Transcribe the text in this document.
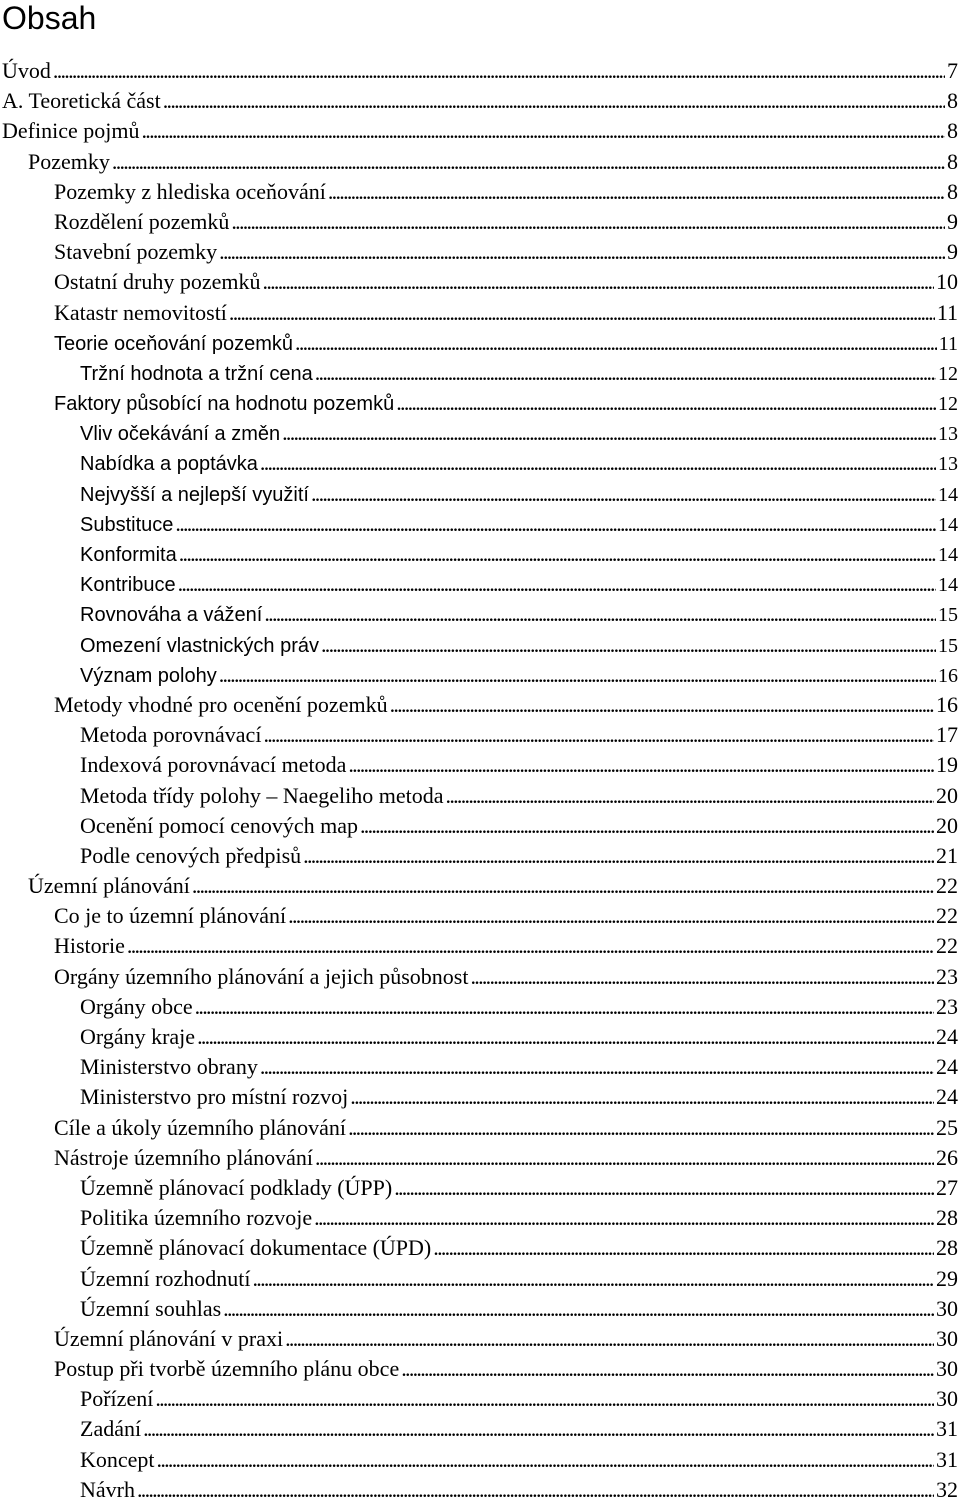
Obsah
Úvod . . .	7
A. Teoretická část . . .	8
Definice pojmů . . .	8
Pozemky . . .	8
Pozemky z hlediska oceňování . . .	8
Rozdělení pozemků . . .	9
Stavební pozemky . . .	9
Ostatní druhy pozemků . . .	10
Katastr nemovitostí . . .	11
Teorie oceňování pozemků . . .	11
Tržní hodnota a tržní cena . . .	12
Faktory působící na hodnotu pozemků . . .	12
Vliv očekávání a změn . . .	13
Nabídka a poptávka . . .	13
Nejvyšší a nejlepší využití . . .	14
Substituce . . .	14
Konformita . . .	14
Kontribuce . . .	14
Rovnováha a vážení . . .	15
Omezení vlastnických práv . . .	15
Význam polohy . . .	16
Metody vhodné pro ocenění pozemků . . .	16
Metoda porovnávací . . .	17
Indexová porovnávací metoda . . .	19
Metoda třídy polohy – Naegeliho metoda . . .	20
Ocenění pomocí cenových map . . .	20
Podle cenových předpisů . . .	21
Územní plánování . . .	22
Co je to územní plánování . . .	22
Historie . . .	22
Orgány územního plánování a jejich působnost . . .	23
Orgány obce . . .	23
Orgány kraje . . .	24
Ministerstvo obrany . . .	24
Ministerstvo pro místní rozvoj . . .	24
Cíle a úkoly územního plánování . . .	25
Nástroje územního plánování . . .	26
Územně plánovací podklady (ÚPP) . . .	27
Politika územního rozvoje . . .	28
Územně plánovací dokumentace (ÚPD) . . .	28
Územní rozhodnutí . . .	29
Územní souhlas . . .	30
Územní plánování v praxi . . .	30
Postup při tvorbě územního plánu obce . . .	30
Pořízení . . .	30
Zadání . . .	31
Koncept . . .	31
Návrh . . .	32
